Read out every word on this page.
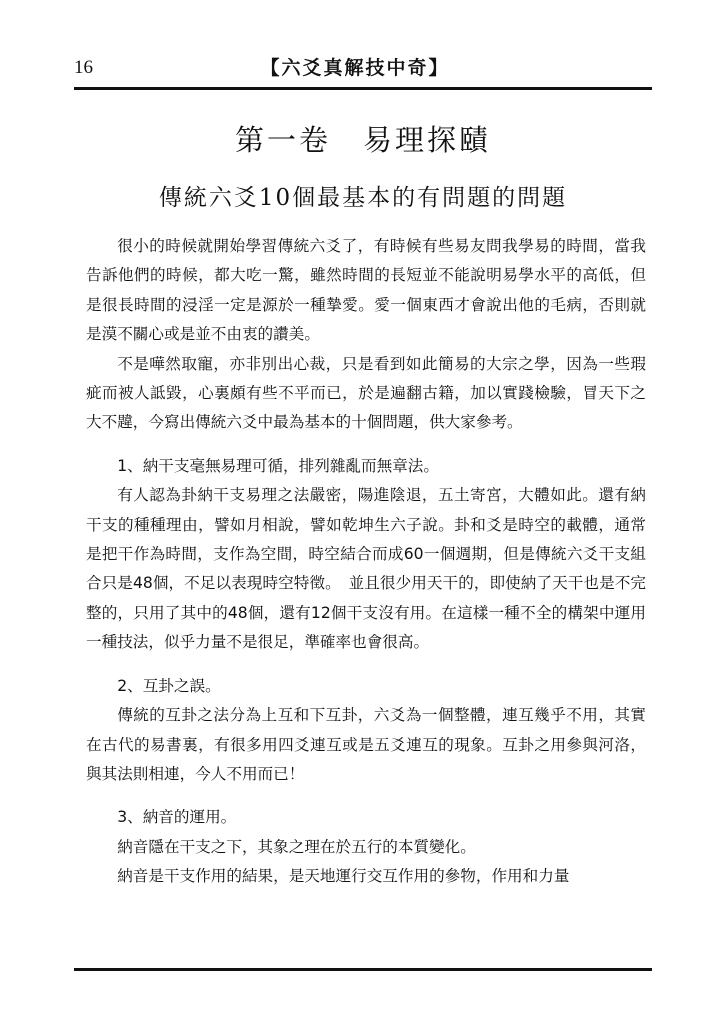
16	【六爻真解技中奇】
第一卷　易理探賾
傳統六爻10個最基本的有問題的問題

很小的時候就開始學習傳統六爻了，有時候有些易友問我學易的時間，當我告訴他們的時候，都大吃一驚，雖然時間的長短並不能說明易學水平的高低，但是很長時間的浸淫一定是源於一種摯愛。愛一個東西才會說出他的毛病，否則就是漠不關心或是並不由衷的讚美。

不是嘩然取寵，亦非別出心裁，只是看到如此簡易的大宗之學，因為一些瑕疵而被人詆毀，心裏頗有些不平而已，於是遍翻古籍，加以實踐檢驗，冒天下之大不韙，今寫出傳統六爻中最為基本的十個問題，供大家參考。

1、納干支毫無易理可循，排列雜亂而無章法。

有人認為卦納干支易理之法嚴密，陽進陰退，五土寄宮，大體如此。還有納干支的種種理由，譬如月相說，譬如乾坤生六子說。卦和爻是時空的載體，通常是把干作為時間，支作為空間，時空結合而成60一個週期，但是傳統六爻干支組合只是48個，不足以表現時空特徵。　並且很少用天干的，即使納了天干也是不完整的，只用了其中的48個，還有12個干支沒有用。在這樣一種不全的構架中運用一種技法，似乎力量不是很足，準確率也會很高。

2、互卦之誤。

傳統的互卦之法分為上互和下互卦，六爻為一個整體，連互幾乎不用，其實在古代的易書裏，有很多用四爻連互或是五爻連互的現象。互卦之用參與河洛，與其法則相連，今人不用而已！

3、納音的運用。

納音隱在干支之下，其象之理在於五行的本質變化。

納音是干支作用的結果，是天地運行交互作用的參物，作用和力量
